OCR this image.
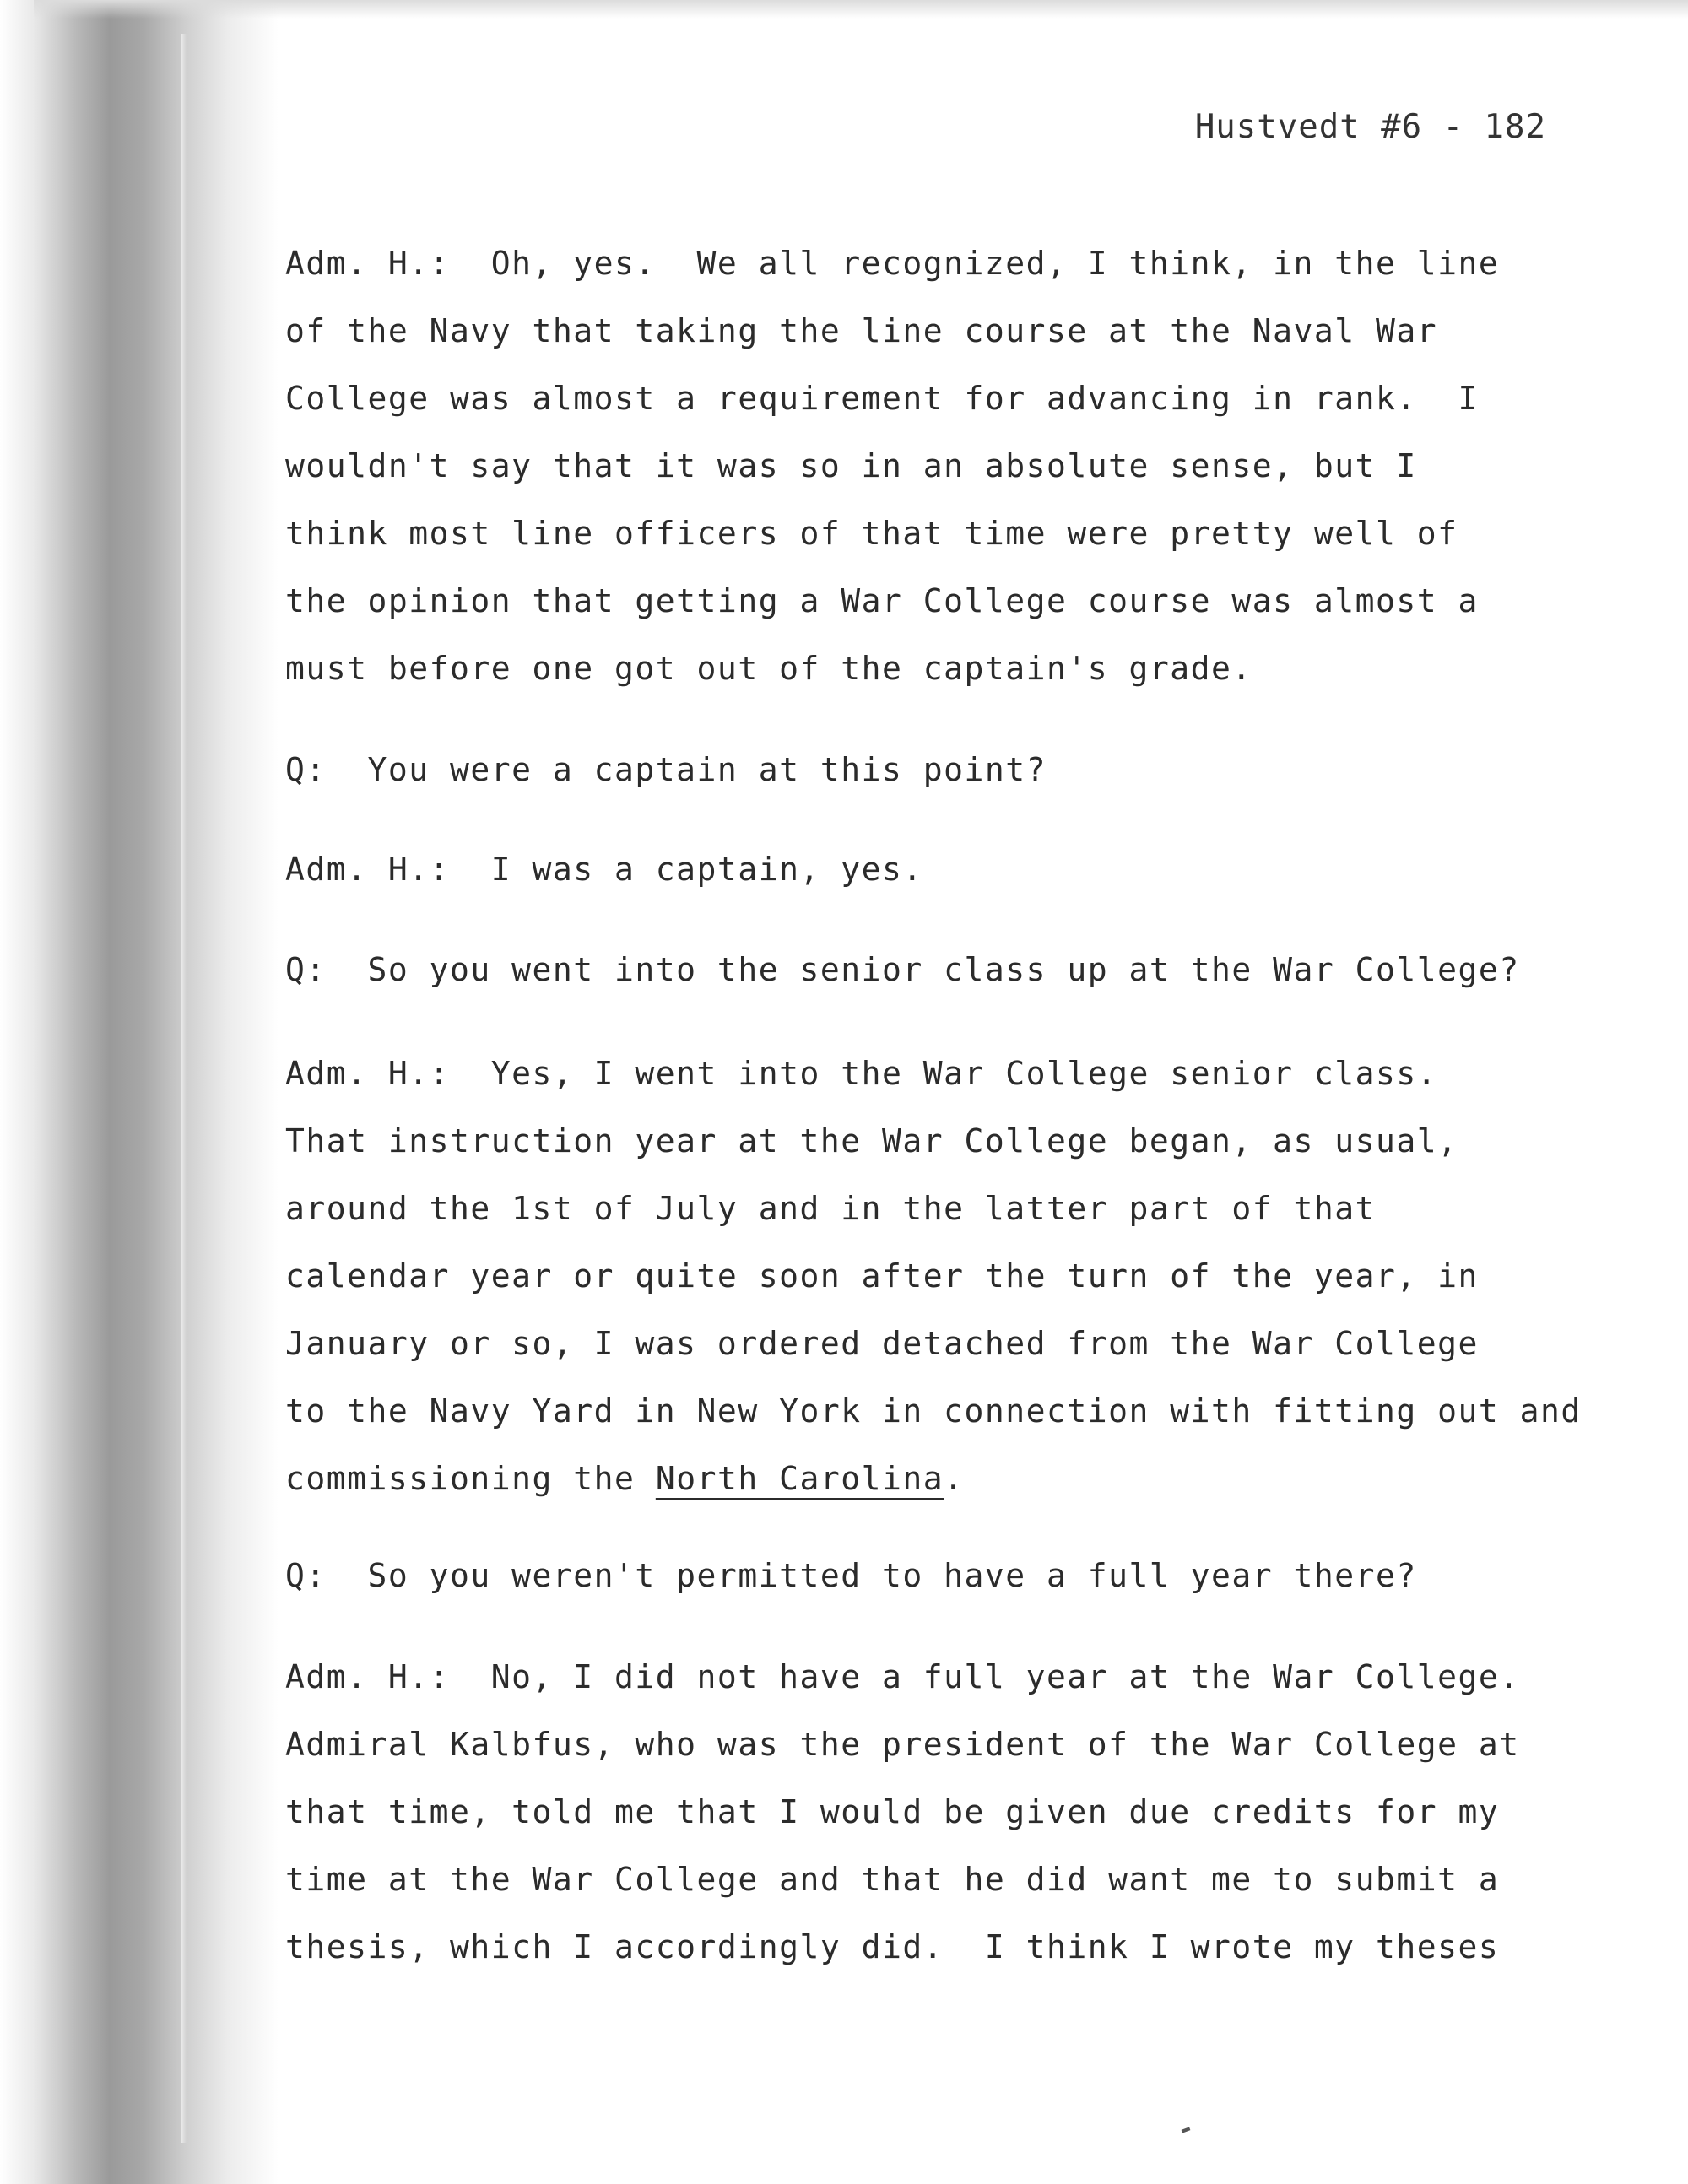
Hustvedt #6 - 182
Adm. H.:  Oh, yes.  We all recognized, I think, in the line
of the Navy that taking the line course at the Naval War
College was almost a requirement for advancing in rank.  I
wouldn't say that it was so in an absolute sense, but I
think most line officers of that time were pretty well of
the opinion that getting a War College course was almost a
must before one got out of the captain's grade.
Q:  You were a captain at this point?
Adm. H.:  I was a captain, yes.
Q:  So you went into the senior class up at the War College?
Adm. H.:  Yes, I went into the War College senior class.
That instruction year at the War College began, as usual,
around the 1st of July and in the latter part of that
calendar year or quite soon after the turn of the year, in
January or so, I was ordered detached from the War College
to the Navy Yard in New York in connection with fitting out and
commissioning the North Carolina.
Q:  So you weren't permitted to have a full year there?
Adm. H.:  No, I did not have a full year at the War College.
Admiral Kalbfus, who was the president of the War College at
that time, told me that I would be given due credits for my
time at the War College and that he did want me to submit a
thesis, which I accordingly did.  I think I wrote my theses
